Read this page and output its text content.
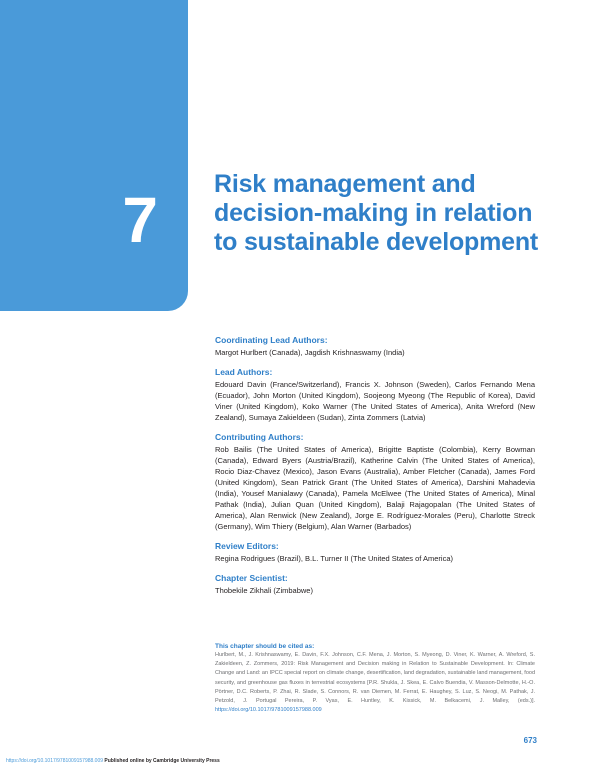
7 Risk management and
decision-making in relation
to sustainable development
Coordinating Lead Authors:
Margot Hurlbert (Canada), Jagdish Krishnaswamy (India)
Lead Authors:
Edouard Davin (France/Switzerland), Francis X. Johnson (Sweden), Carlos Fernando Mena (Ecuador), John Morton (United Kingdom), Soojeong Myeong (The Republic of Korea), David Viner (United Kingdom), Koko Warner (The United States of America), Anita Wreford (New Zealand), Sumaya Zakieldeen (Sudan), Zinta Zommers (Latvia)
Contributing Authors:
Rob Bailis (The United States of America), Brigitte Baptiste (Colombia), Kerry Bowman (Canada), Edward Byers (Austria/Brazil), Katherine Calvin (The United States of America), Rocio Diaz-Chavez (Mexico), Jason Evans (Australia), Amber Fletcher (Canada), James Ford (United Kingdom), Sean Patrick Grant (The United States of America), Darshini Mahadevia (India), Yousef Manialawy (Canada), Pamela McElwee (The United States of America), Minal Pathak (India), Julian Quan (United Kingdom), Balaji Rajagopalan (The United States of America), Alan Renwick (New Zealand), Jorge E. Rodríguez-Morales (Peru), Charlotte Streck (Germany), Wim Thiery (Belgium), Alan Warner (Barbados)
Review Editors:
Regina Rodrigues (Brazil), B.L. Turner II (The United States of America)
Chapter Scientist:
Thobekile Zikhali (Zimbabwe)
This chapter should be cited as:
Hurlbert, M., J. Krishnaswamy, E. Davin, F.X. Johnson, C.F. Mena, J. Morton, S. Myeong, D. Viner, K. Warner, A. Wreford, S. Zakieldeen, Z. Zommers, 2019: Risk Management and Decision making in Relation to Sustainable Development. In: Climate Change and Land: an IPCC special report on climate change, desertification, land degradation, sustainable land management, food security, and greenhouse gas fluxes in terrestrial ecosystems [P.R. Shukla, J. Skea, E. Calvo Buendia, V. Masson-Delmotte, H.-O. Pörtner, D.C. Roberts, P. Zhai, R. Slade, S. Connors, R. van Diemen, M. Ferrat, E. Haughey, S. Luz, S. Neogi, M. Pathak, J. Petzold, J. Portugal Pereira, P. Vyas, E. Huntley, K. Kissick, M. Belkacemi, J. Malley, (eds.)]. https://doi.org/10.1017/9781009157988.009
673
https://doi.org/10.1017/9781009157988.009 Published online by Cambridge University Press
